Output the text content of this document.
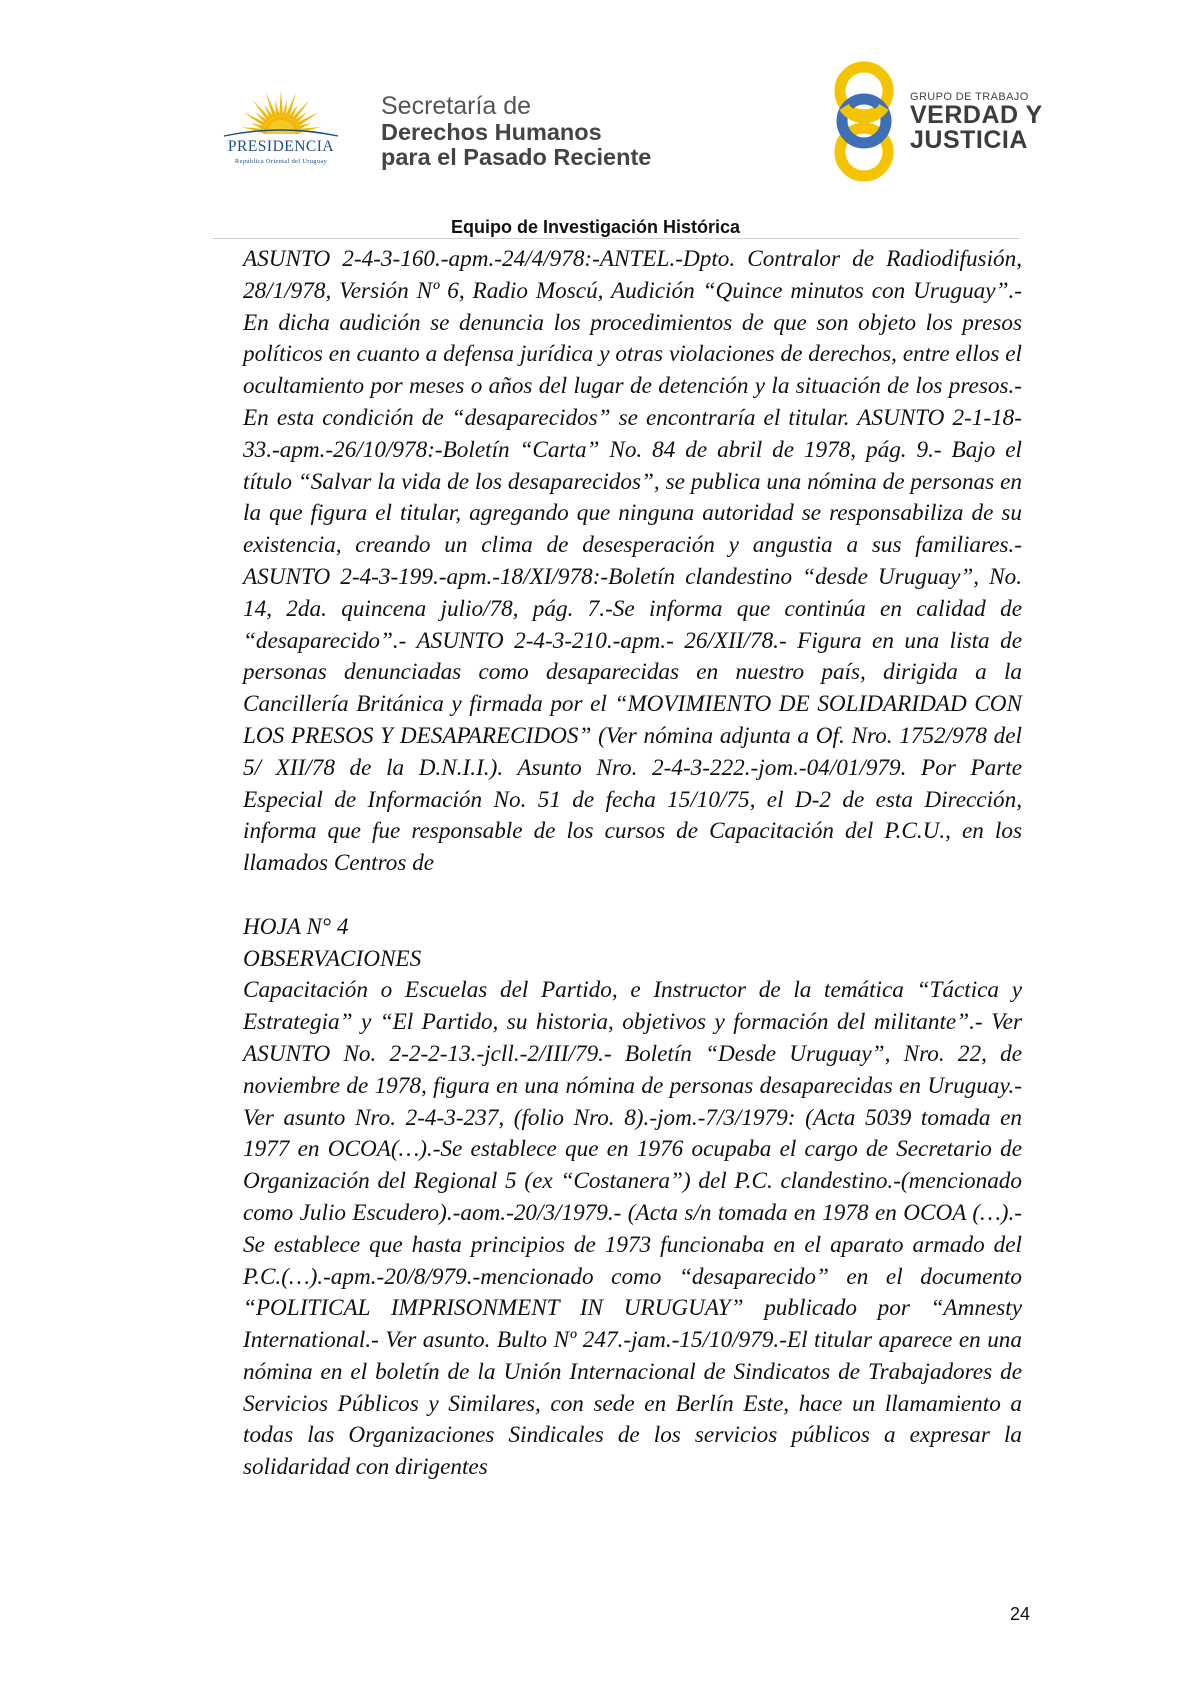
PRESIDENCIA
República Oriental del Uruguay
Secretaría de
Derechos Humanos
para el Pasado Reciente
GRUPO DE TRABAJO
VERDAD Y
JUSTICIA
Equipo de Investigación Histórica

ASUNTO 2-4-3-160.-apm.-24/4/978:-ANTEL.-Dpto. Contralor de Radiodifusión, 28/1/978, Versión Nº 6, Radio Moscú, Audición “Quince minutos con Uruguay”.- En dicha audición se denuncia los procedimientos de que son objeto los presos políticos en cuanto a defensa jurídica y otras violaciones de derechos, entre ellos el ocultamiento por meses o años del lugar de detención y la situación de los presos.- En esta condición de “desaparecidos” se encontraría el titular. ASUNTO 2-1-18-33.-apm.-26/10/978:-Boletín “Carta” No. 84 de abril de 1978, pág. 9.- Bajo el título “Salvar la vida de los desaparecidos”, se publica una nómina de personas en la que figura el titular, agregando que ninguna autoridad se responsabiliza de su existencia, creando un clima de desesperación y angustia a sus familiares.- ASUNTO 2-4-3-199.-apm.-18/XI/978:-Boletín clandestino “desde Uruguay”, No. 14, 2da. quincena julio/78, pág. 7.-Se informa que continúa en calidad de “desaparecido”.- ASUNTO 2-4-3-210.-apm.- 26/XII/78.- Figura en una lista de personas denunciadas como desaparecidas en nuestro país, dirigida a la Cancillería Británica y firmada por el “MOVIMIENTO DE SOLIDARIDAD CON LOS PRESOS Y DESAPARECIDOS” (Ver nómina adjunta a Of. Nro. 1752/978 del 5/ XII/78 de la D.N.I.I.). Asunto Nro. 2-4-3-222.-jom.-04/01/979. Por Parte Especial de Información No. 51 de fecha 15/10/75, el D-2 de esta Dirección, informa que fue responsable de los cursos de Capacitación del P.C.U., en los llamados Centros de

HOJA N° 4

OBSERVACIONES

Capacitación o Escuelas del Partido, e Instructor de la temática “Táctica y Estrategia” y “El Partido, su historia, objetivos y formación del militante”.- Ver ASUNTO No. 2-2-2-13.-jcll.-2/III/79.- Boletín “Desde Uruguay”, Nro. 22, de noviembre de 1978, figura en una nómina de personas desaparecidas en Uruguay.- Ver asunto Nro. 2-4-3-237, (folio Nro. 8).-jom.-7/3/1979: (Acta 5039 tomada en 1977 en OCOA(…).-Se establece que en 1976 ocupaba el cargo de Secretario de Organización del Regional 5 (ex “Costanera”) del P.C. clandestino.-(mencionado como Julio Escudero).-aom.-20/3/1979.- (Acta s/n tomada en 1978 en OCOA (…).-Se establece que hasta principios de 1973 funcionaba en el aparato armado del P.C.(…).-apm.-20/8/979.-mencionado como “desaparecido” en el documento “POLITICAL IMPRISONMENT IN URUGUAY” publicado por “Amnesty International.- Ver asunto. Bulto Nº 247.-jam.-15/10/979.-El titular aparece en una nómina en el boletín de la Unión Internacional de Sindicatos de Trabajadores de Servicios Públicos y Similares, con sede en Berlín Este, hace un llamamiento a todas las Organizaciones Sindicales de los servicios públicos a expresar la solidaridad con dirigentes

24
